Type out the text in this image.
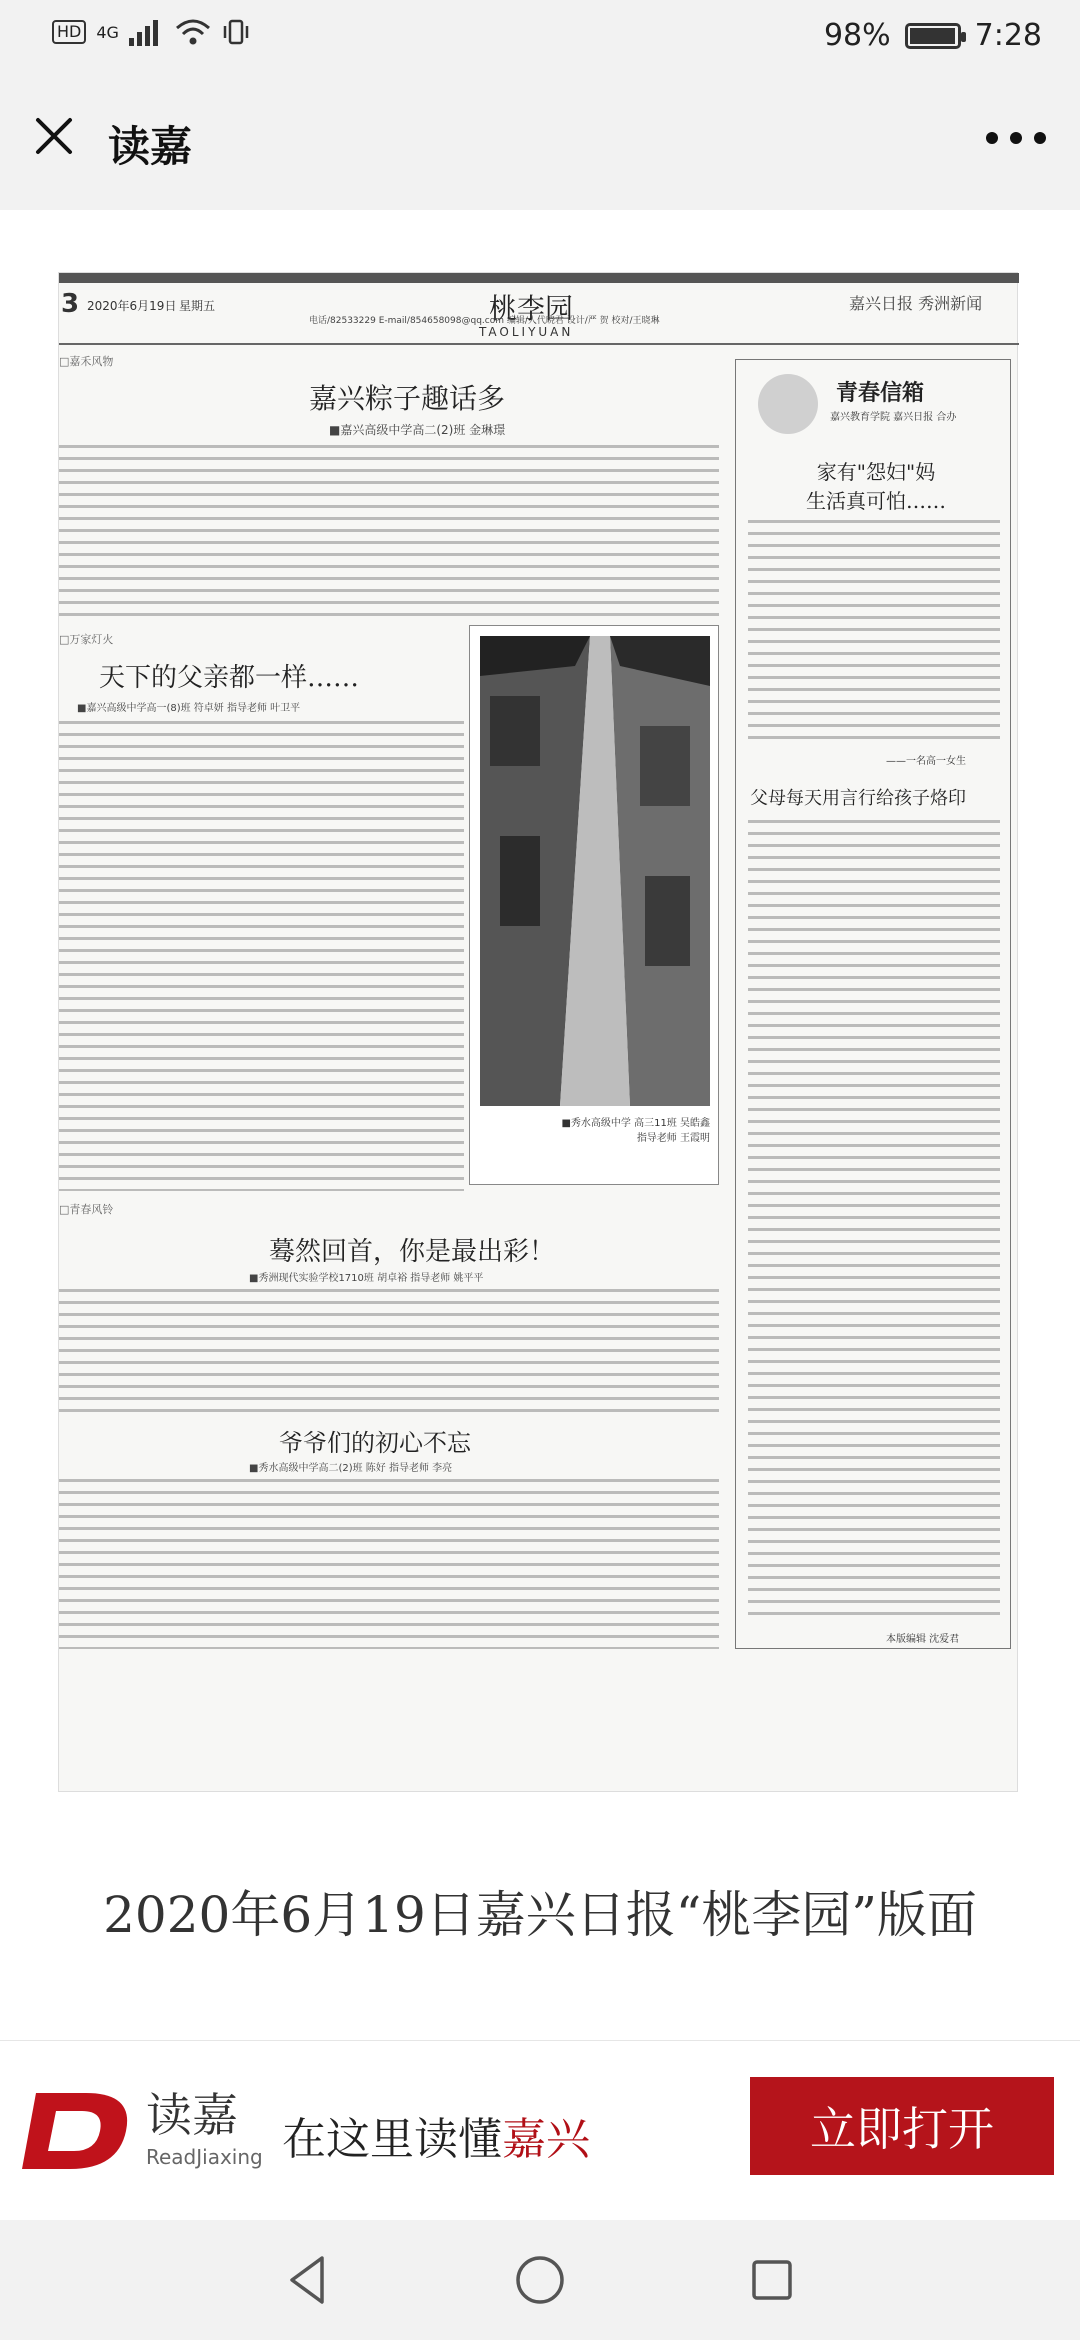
HD 4G	98%	7:28
读嘉
3 2020年6月19日 星期五	桃李园
TAOLIYUAN
电话/82533229 E-mail/854658098@qq.com 编辑/人代晓君 设计/严 贺 校对/王晓琳
嘉兴日报 秀洲新闻
□嘉禾风物
嘉兴粽子趣话多
■嘉兴高级中学高二(2)班 金琳璟
□万家灯火
天下的父亲都一样……
■嘉兴高级中学高一(8)班 符卓妍 指导老师 叶卫平
■秀水高级中学 高三11班 吴皓鑫
指导老师 王霞明
□青春风铃
蓦然回首，你是最出彩！
■秀洲现代实验学校1710班 胡卓裕 指导老师 姚平平
爷爷们的初心不忘
■秀水高级中学高二(2)班 陈好 指导老师 李亮
青春信箱
嘉兴教育学院 嘉兴日报 合办
家有"怨妇"妈
生活真可怕……
——一名高一女生
父母每天用言行给孩子烙印
本版编辑 沈爱君
2020年6月19日嘉兴日报“桃李园”版面
读嘉
ReadJiaxing 在这里读懂嘉兴	立即打开
